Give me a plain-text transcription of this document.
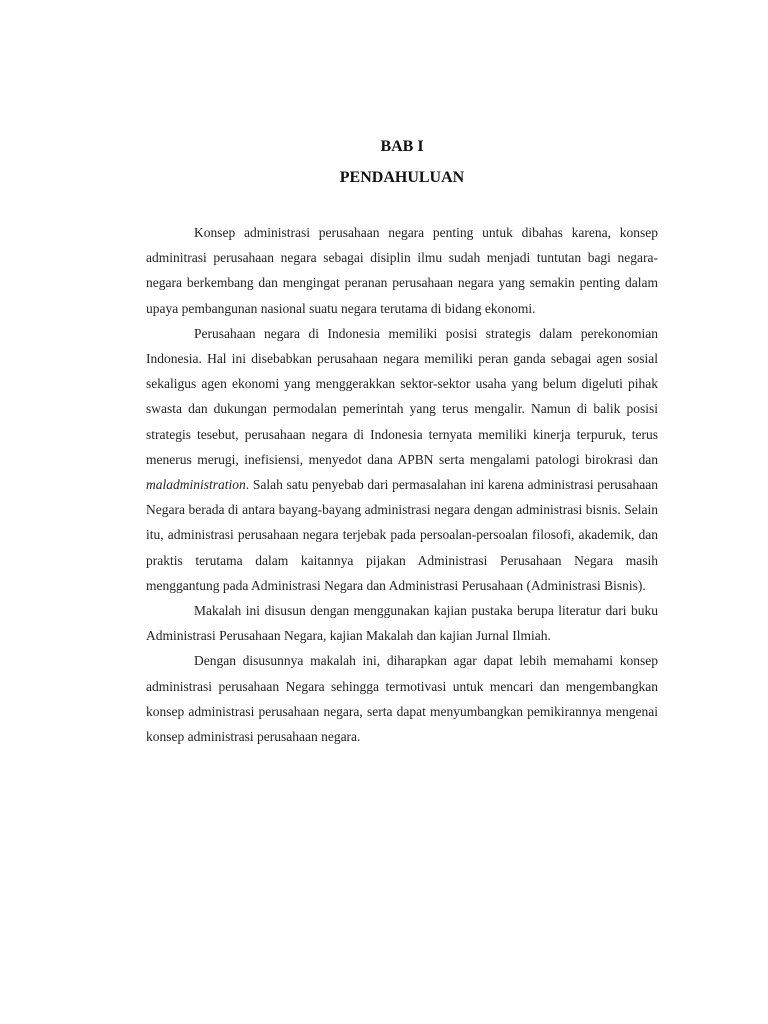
BAB I
PENDAHULUAN

Konsep administrasi perusahaan negara penting untuk dibahas karena, konsep adminitrasi perusahaan negara sebagai disiplin ilmu sudah menjadi tuntutan bagi negara-negara berkembang dan mengingat peranan perusahaan negara yang semakin penting dalam upaya pembangunan nasional suatu negara terutama di bidang ekonomi.

Perusahaan negara di Indonesia memiliki posisi strategis dalam perekonomian Indonesia. Hal ini disebabkan perusahaan negara memiliki peran ganda sebagai agen sosial sekaligus agen ekonomi yang menggerakkan sektor-sektor usaha yang belum digeluti pihak swasta dan dukungan permodalan pemerintah yang terus mengalir. Namun di balik posisi strategis tesebut, perusahaan negara di Indonesia ternyata memiliki kinerja terpuruk, terus menerus merugi, inefisiensi, menyedot dana APBN serta mengalami patologi birokrasi dan maladministration. Salah satu penyebab dari permasalahan ini karena administrasi perusahaan Negara berada di antara bayang-bayang administrasi negara dengan administrasi bisnis. Selain itu, administrasi perusahaan negara terjebak pada persoalan-persoalan filosofi, akademik, dan praktis terutama dalam kaitannya pijakan Administrasi Perusahaan Negara masih menggantung pada Administrasi Negara dan Administrasi Perusahaan (Administrasi Bisnis).

Makalah ini disusun dengan menggunakan kajian pustaka berupa literatur dari buku Administrasi Perusahaan Negara, kajian Makalah dan kajian Jurnal Ilmiah.

Dengan disusunnya makalah ini, diharapkan agar dapat lebih memahami konsep administrasi perusahaan Negara sehingga termotivasi untuk mencari dan mengembangkan konsep administrasi perusahaan negara, serta dapat menyumbangkan pemikirannya mengenai konsep administrasi perusahaan negara.
